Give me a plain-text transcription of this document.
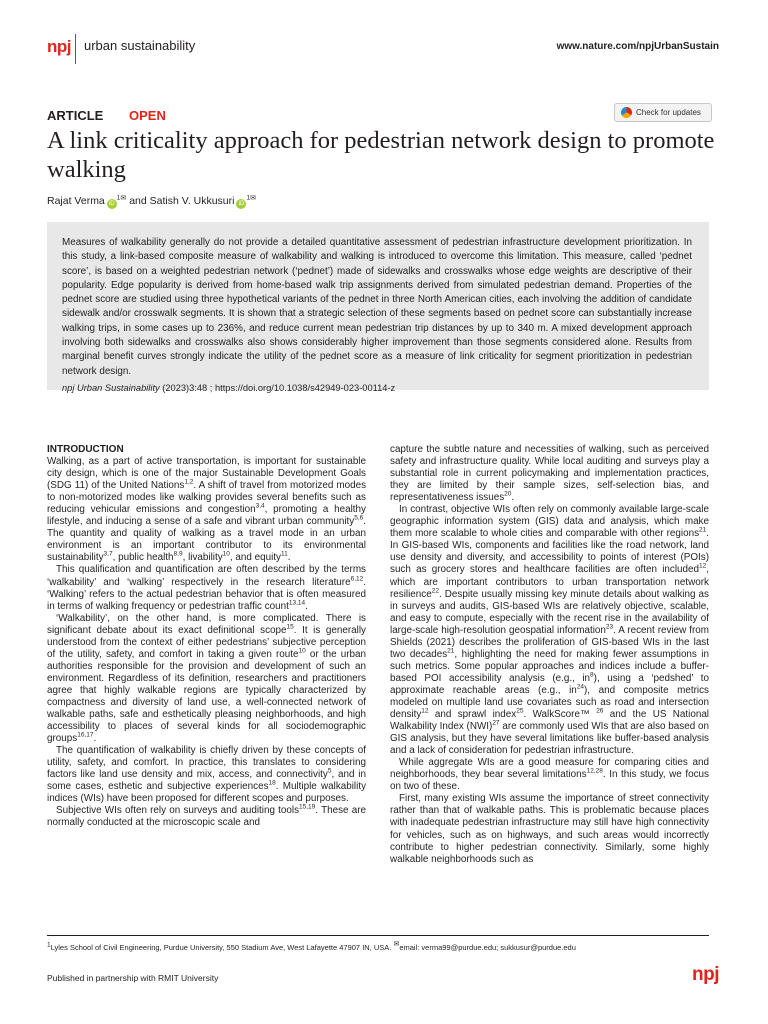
npj urban sustainability	www.nature.com/npjUrbanSustain
ARTICLE OPEN	Check for updates
A link criticality approach for pedestrian network design to promote walking
Rajat Verma $iD^{1✉}$ and Satish V. Ukkusuri $iD^{1✉}$

Measures of walkability generally do not provide a detailed quantitative assessment of pedestrian infrastructure development prioritization. In this study, a link-based composite measure of walkability and walking is introduced to overcome this limitation. This measure, called ‘pednet score’, is based on a weighted pedestrian network (‘pednet’) made of sidewalks and crosswalks whose edge weights are descriptive of their popularity. Edge popularity is derived from home-based walk trip assignments derived from simulated pedestrian demand. Properties of the pednet score are studied using three hypothetical variants of the pednet in three North American cities, each involving the addition of candidate sidewalk and/or crosswalk segments. It is shown that a strategic selection of these segments based on pednet score can substantially increase walking trips, in some cases up to 236%, and reduce current mean pedestrian trip distances by up to 340 m. A mixed development approach involving both sidewalks and crosswalks also shows considerably higher improvement than those segments considered alone. Results from marginal benefit curves strongly indicate the utility of the pednet score as a measure of link criticality for segment prioritization in pedestrian network design.

npj Urban Sustainability (2023)3:48 ; https://doi.org/10.1038/s42949-023-00114-z
INTRODUCTION

Walking, as a part of active transportation, is important for sustainable city design, which is one of the major Sustainable Development Goals (SDG 11) of the United Nations$^{1,2}$. A shift of travel from motorized modes to non-motorized modes like walking provides several benefits such as reducing vehicular emissions and congestion$^{3,4}$, promoting a healthy lifestyle, and inducing a sense of a safe and vibrant urban community$^{5,6}$. The quantity and quality of walking as a travel mode in an urban environment is an important contributor to its environmental sustainability$^{3,7}$, public health$^{8,9}$, livability$^{10}$, and equity$^{11}$.

This qualification and quantification are often described by the terms ‘walkability’ and ‘walking’ respectively in the research literature$^{6,12}$. ‘Walking’ refers to the actual pedestrian behavior that is often measured in terms of walking frequency or pedestrian traffic count$^{13,14}$.

‘Walkability’, on the other hand, is more complicated. There is significant debate about its exact definitional scope$^{15}$. It is generally understood from the context of either pedestrians’ subjective perception of the utility, safety, and comfort in taking a given route$^{10}$ or the urban authorities responsible for the provision and development of such an environment. Regardless of its definition, researchers and practitioners agree that highly walkable regions are typically characterized by compactness and diversity of land use, a well-connected network of walkable paths, safe and esthetically pleasing neighborhoods, and high accessibility to places of several kinds for all sociodemographic groups$^{16,17}$.

The quantification of walkability is chiefly driven by these concepts of utility, safety, and comfort. In practice, this translates to considering factors like land use density and mix, access, and connectivity$^5$, and in some cases, esthetic and subjective experiences$^{18}$. Multiple walkability indices (WIs) have been proposed for different scopes and purposes.

Subjective WIs often rely on surveys and auditing tools$^{15,19}$. These are normally conducted at the microscopic scale and

capture the subtle nature and necessities of walking, such as perceived safety and infrastructure quality. While local auditing and surveys play a substantial role in current policymaking and implementation practices, they are limited by their sample sizes, self-selection bias, and representativeness issues$^{20}$.

In contrast, objective WIs often rely on commonly available large-scale geographic information system (GIS) data and analysis, which make them more scalable to whole cities and comparable with other regions$^{21}$. In GIS-based WIs, components and facilities like the road network, land use density and diversity, and accessibility to points of interest (POIs) such as grocery stores and healthcare facilities are often included$^{12}$, which are important contributors to urban transportation network resilience$^{22}$. Despite usually missing key minute details about walking as in surveys and audits, GIS-based WIs are relatively objective, scalable, and easy to compute, especially with the recent rise in the availability of large-scale high-resolution geospatial information$^{23}$. A recent review from Shields (2021) describes the proliferation of GIS-based WIs in the last two decades$^{21}$, highlighting the need for making fewer assumptions in such metrics. Some popular approaches and indices include a buffer-based POI accessibility analysis (e.g., $in^8$), using a ‘pedshed’ to approximate reachable areas (e.g., $in^{24}$), and composite metrics modeled on multiple land use covariates such as road and intersection density$^{12}$ and sprawl index$^{25}$. WalkScore™ $^{26}$ and the US National Walkability Index (NWI)$^{27}$ are commonly used WIs that are also based on GIS analysis, but they have several limitations like buffer-based analysis and a lack of consideration for pedestrian infrastructure.

While aggregate WIs are a good measure for comparing cities and neighborhoods, they bear several limitations$^{12,28}$. In this study, we focus on two of these.

First, many existing WIs assume the importance of street connectivity rather than that of walkable paths. This is problematic because places with inadequate pedestrian infrastructure may still have high connectivity for vehicles, such as on highways, and such areas would incorrectly contribute to higher pedestrian connectivity. Similarly, some highly walkable neighborhoods such as

$^1$Lyles School of Civil Engineering, Purdue University, 550 Stadium Ave, West Lafayette 47907 IN, USA. ✉email: verma99@purdue.edu; sukkusur@purdue.edu
Published in partnership with RMIT University	npj
